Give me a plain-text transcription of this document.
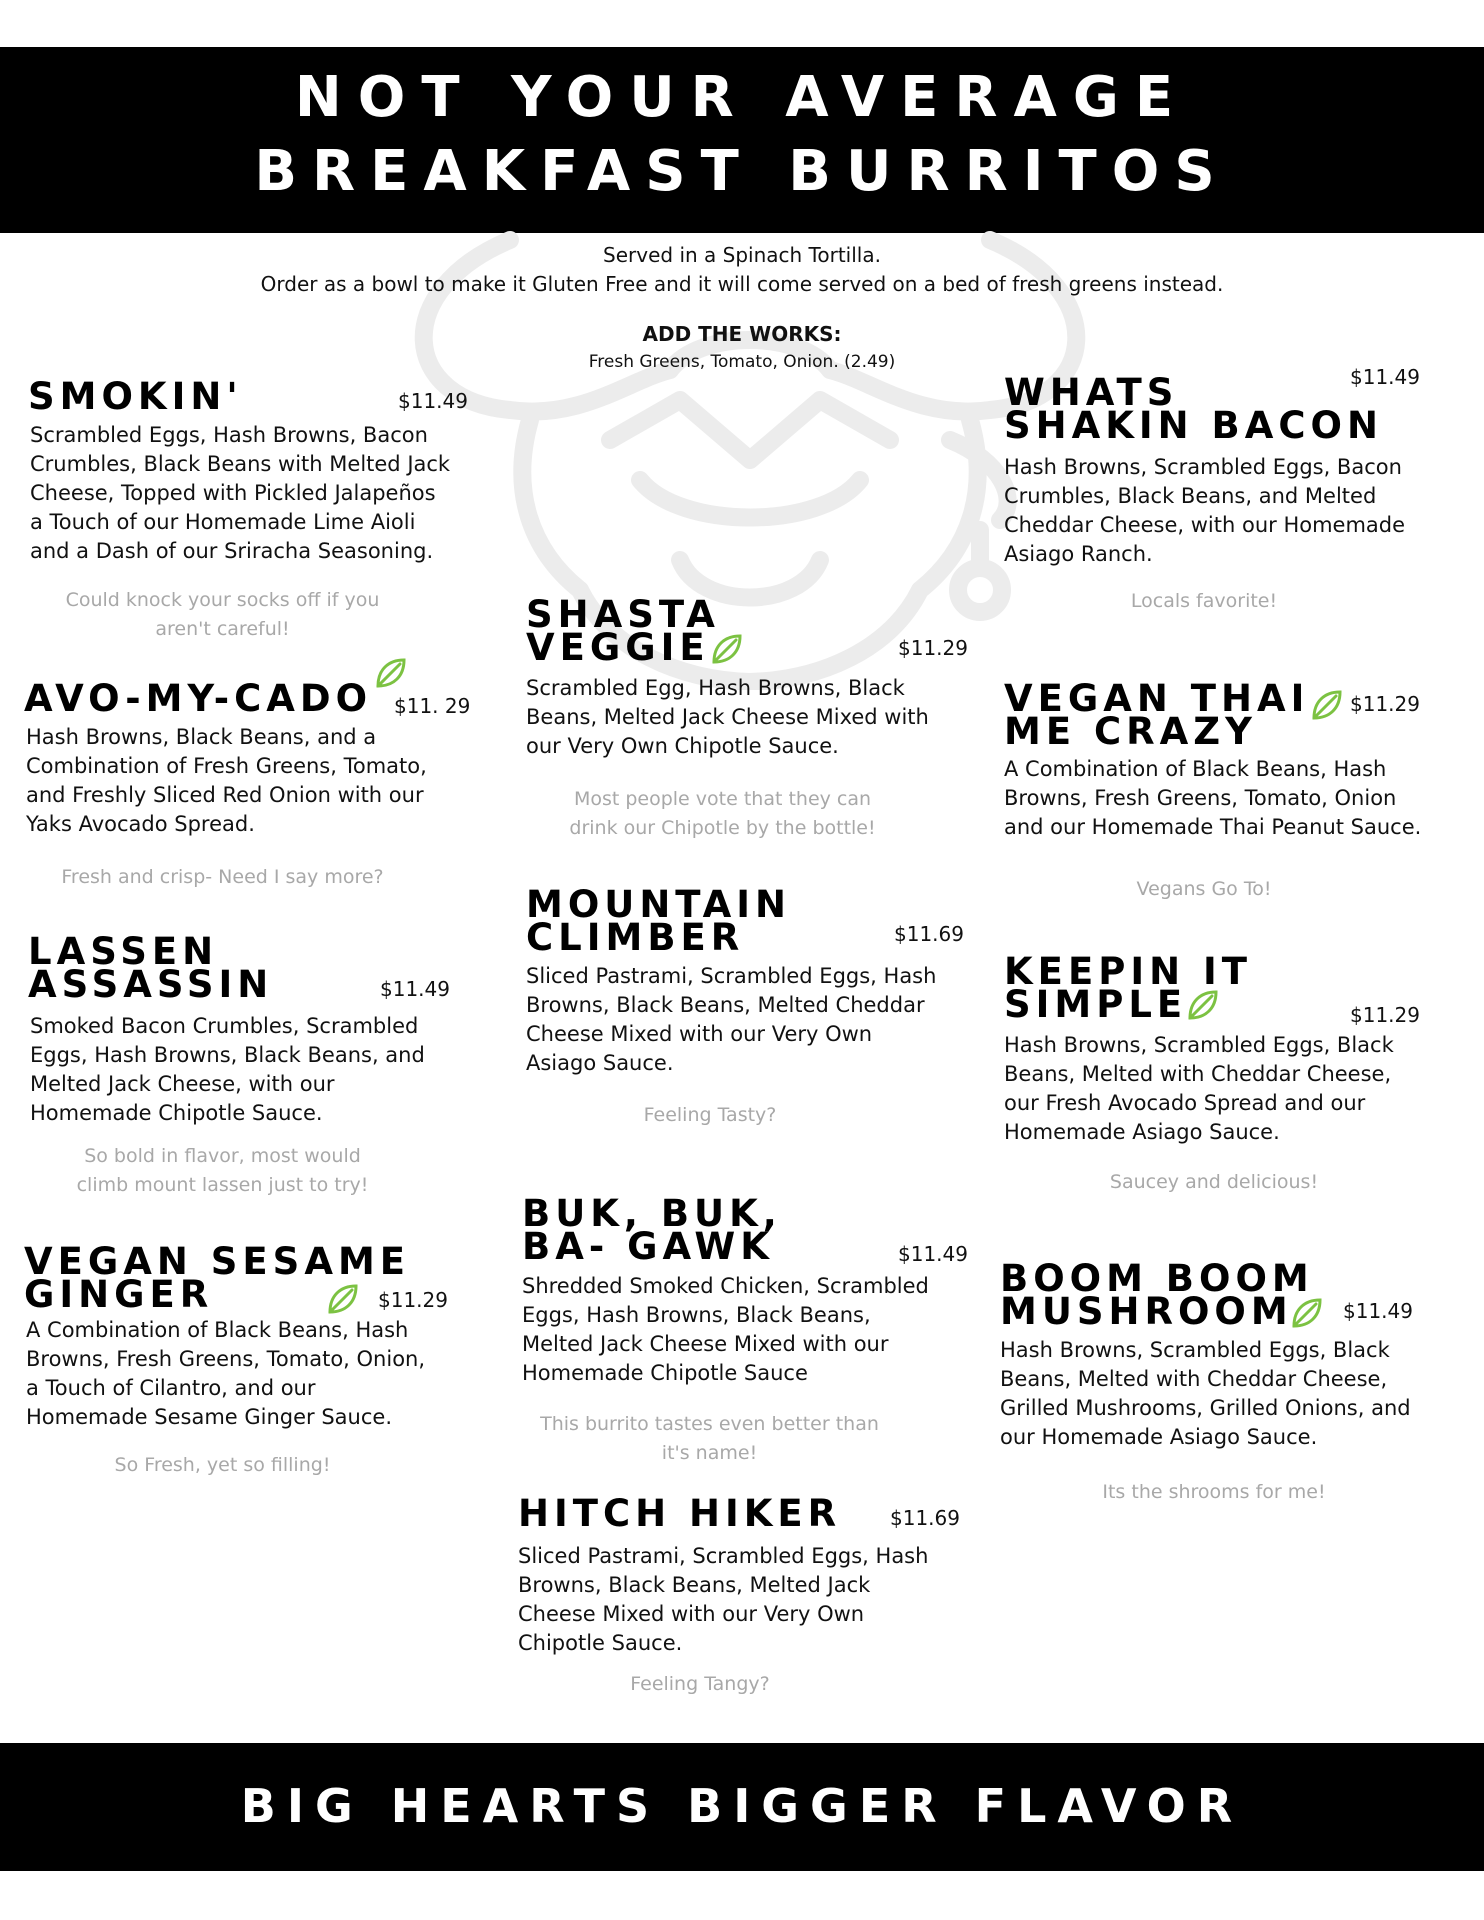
NOT YOUR AVERAGE
BREAKFAST BURRITOS
Served in a Spinach Tortilla.
Order as a bowl to make it Gluten Free and it will come served on a bed of fresh greens instead.
ADD THE WORKS:
Fresh Greens, Tomato, Onion. (2.49)
SMOKIN'	$11.49
Scrambled Eggs, Hash Browns, Bacon
Crumbles, Black Beans with Melted Jack
Cheese, Topped with Pickled Jalapeños
a Touch of our Homemade Lime Aioli
and a Dash of our Sriracha Seasoning.
Could knock your socks off if you
aren't careful!
AVO-MY-CADO $11. 29
Hash Browns, Black Beans, and a
Combination of Fresh Greens, Tomato,
and Freshly Sliced Red Onion with our
Yaks Avocado Spread.
Fresh and crisp- Need I say more?
LASSEN
ASSASSIN	$11.49
Smoked Bacon Crumbles, Scrambled
Eggs, Hash Browns, Black Beans, and
Melted Jack Cheese, with our
Homemade Chipotle Sauce.
So bold in flavor, most would
climb mount lassen just to try!
VEGAN SESAME
GINGER	$11.29
A Combination of Black Beans, Hash
Browns, Fresh Greens, Tomato, Onion,
a Touch of Cilantro, and our
Homemade Sesame Ginger Sauce.
So Fresh, yet so filling!
SHASTA
VEGGIE	$11.29
Scrambled Egg, Hash Browns, Black
Beans, Melted Jack Cheese Mixed with
our Very Own Chipotle Sauce.
Most people vote that they can
drink our Chipotle by the bottle!
MOUNTAIN
CLIMBER	$11.69
Sliced Pastrami, Scrambled Eggs, Hash
Browns, Black Beans, Melted Cheddar
Cheese Mixed with our Very Own
Asiago Sauce.
Feeling Tasty?
BUK, BUK,
BA- GAWK	$11.49
Shredded Smoked Chicken, Scrambled
Eggs, Hash Browns, Black Beans,
Melted Jack Cheese Mixed with our
Homemade Chipotle Sauce
This burrito tastes even better than
it's name!
HITCH HIKER $11.69
Sliced Pastrami, Scrambled Eggs, Hash
Browns, Black Beans, Melted Jack
Cheese Mixed with our Very Own
Chipotle Sauce.
Feeling Tangy?
WHATS
SHAKIN BACON
$11.49
Hash Browns, Scrambled Eggs, Bacon
Crumbles, Black Beans, and Melted
Cheddar Cheese, with our Homemade
Asiago Ranch.
Locals favorite!
VEGAN THAI
ME CRAZY
$11.29
A Combination of Black Beans, Hash
Browns, Fresh Greens, Tomato, Onion
and our Homemade Thai Peanut Sauce.
Vegans Go To!
KEEPIN IT
SIMPLE	$11.29
Hash Browns, Scrambled Eggs, Black
Beans, Melted with Cheddar Cheese,
our Fresh Avocado Spread and our
Homemade Asiago Sauce.
Saucey and delicious!
BOOM BOOM
MUSHROOM	$11.49
Hash Browns, Scrambled Eggs, Black
Beans, Melted with Cheddar Cheese,
Grilled Mushrooms, Grilled Onions, and
our Homemade Asiago Sauce.
Its the shrooms for me!
BIG HEARTS BIGGER FLAVOR
